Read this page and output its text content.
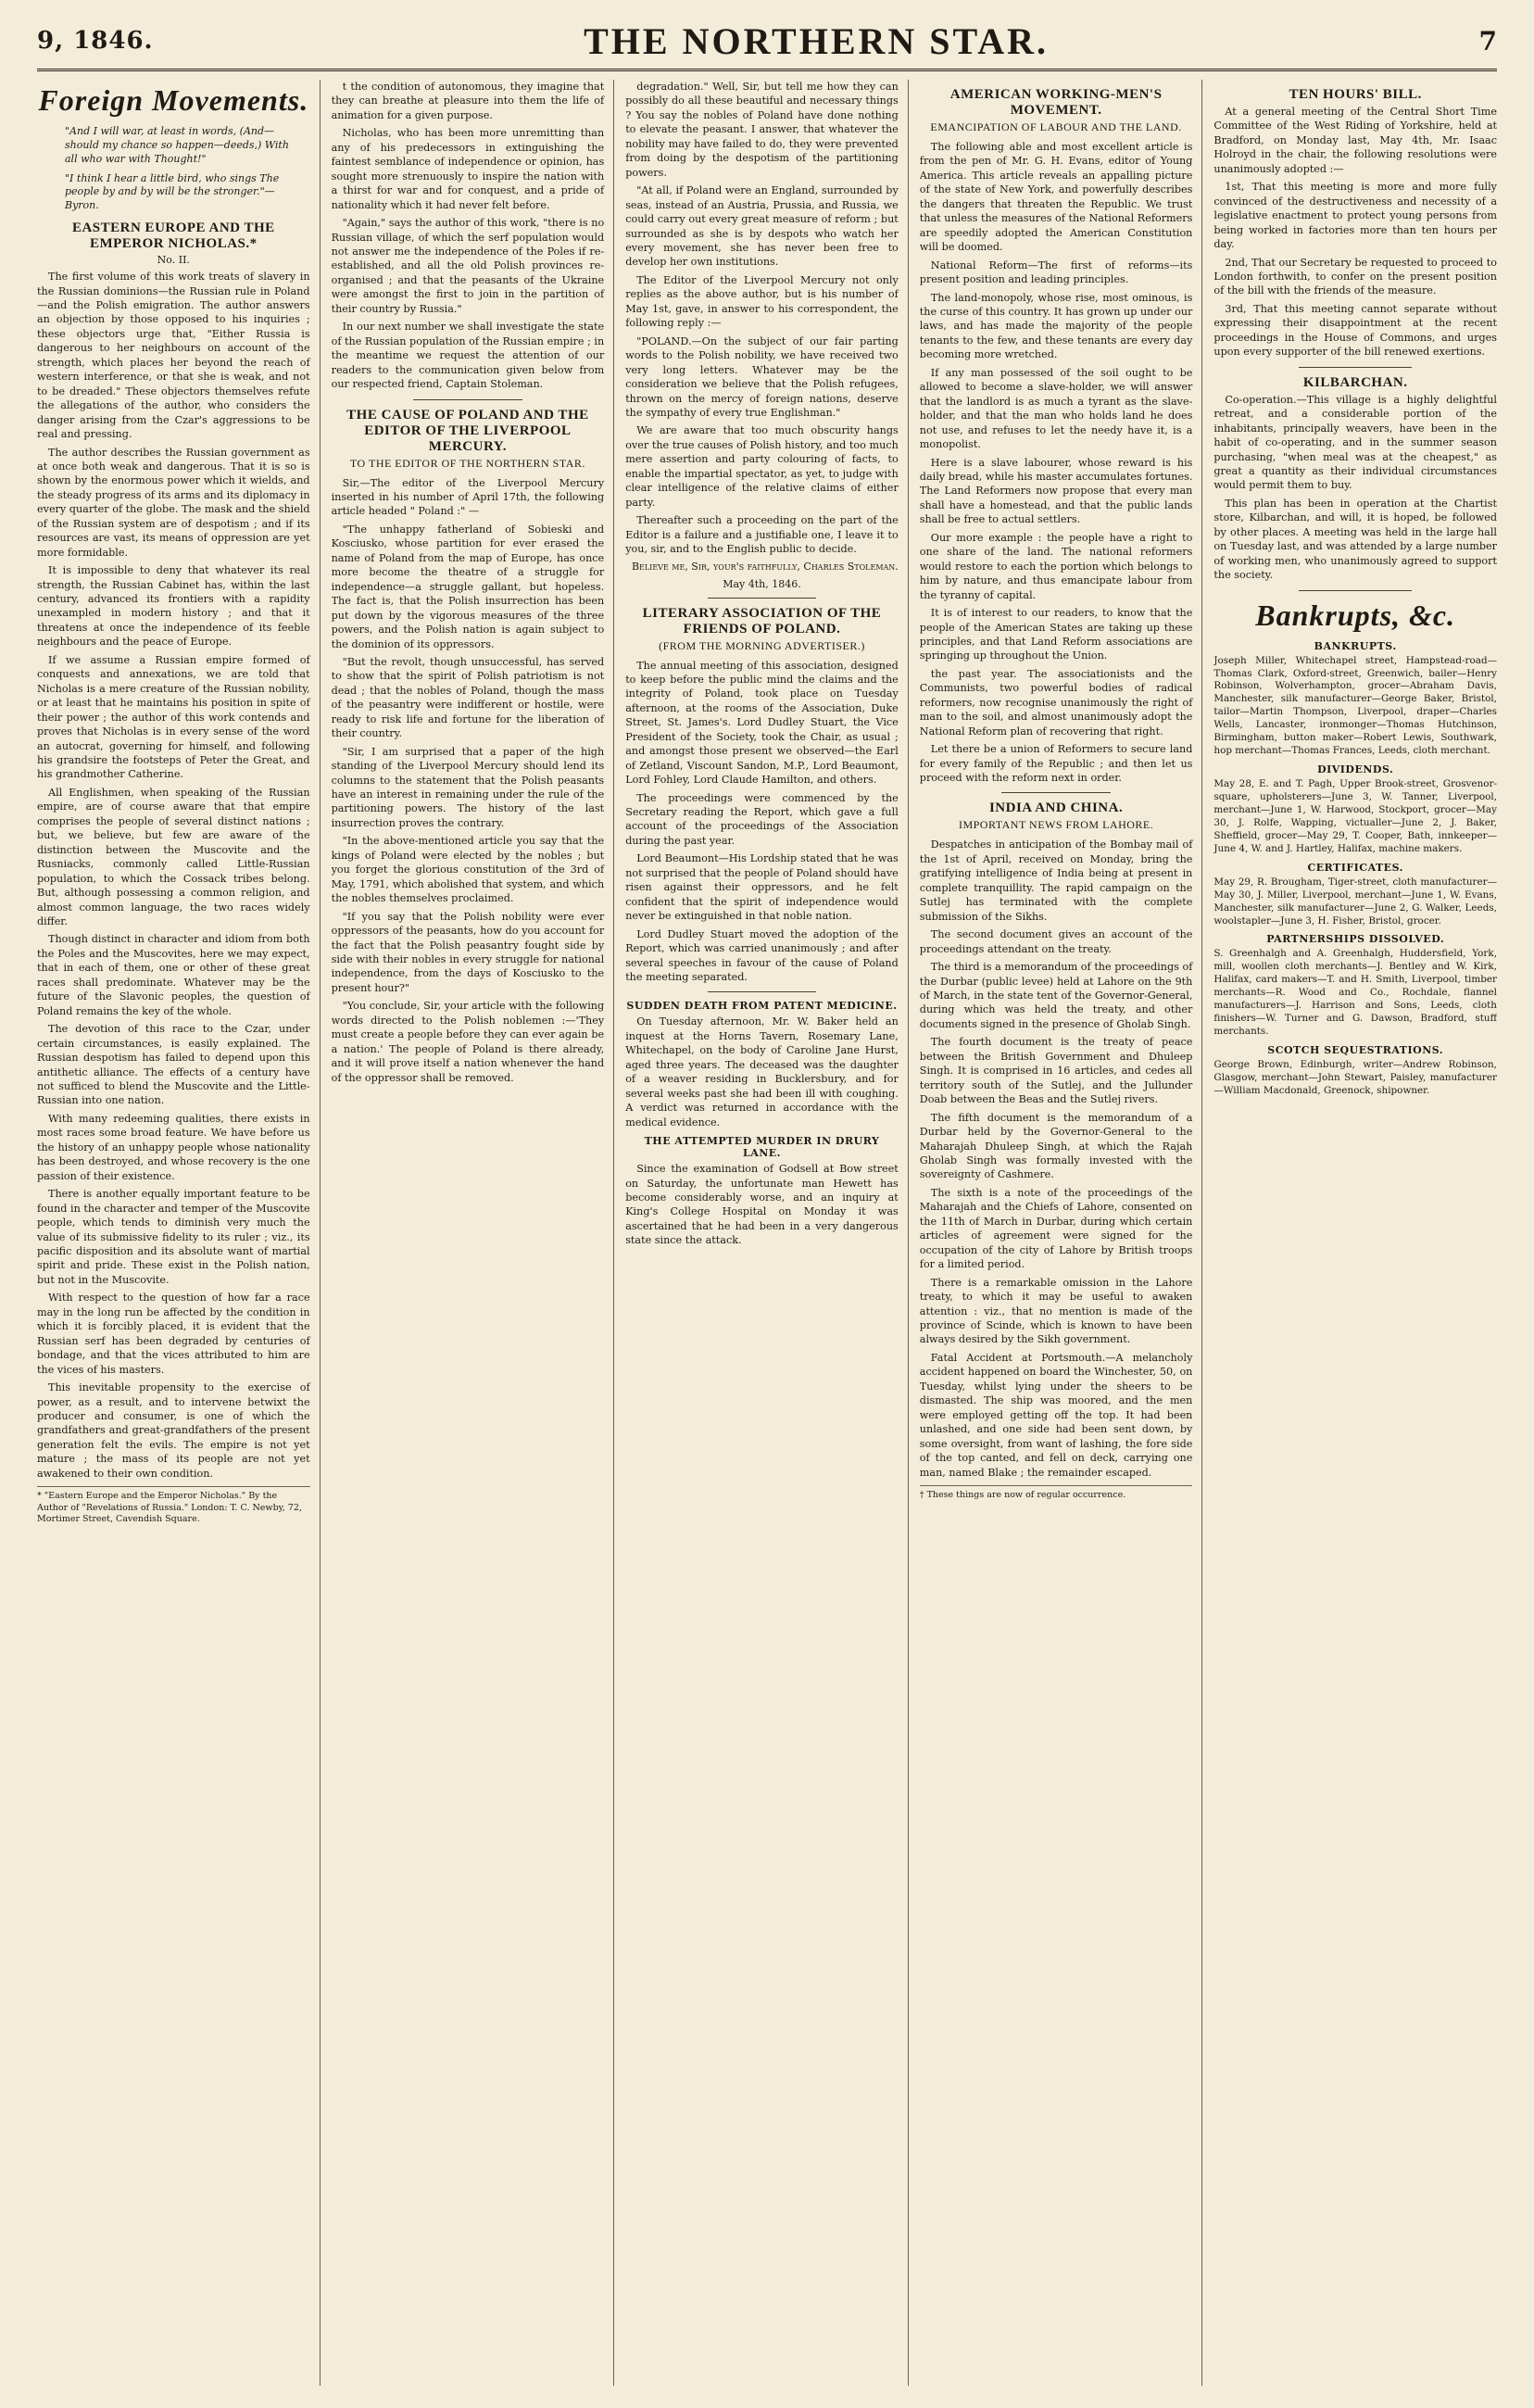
9, 1846.	THE NORTHERN STAR.	7
Foreign Movements.
"And I will war, at least in words, (And—should my chance so happen—deeds,) With all who war with Thought!"
"I think I hear a little bird, who sings The people by and by will be the stronger."—Byron.
EASTERN EUROPE AND THE EMPEROR NICHOLAS.*
No. II.

The first volume of this work treats of slavery in the Russian dominions—the Russian rule in Poland—and the Polish emigration. The author answers an objection by those opposed to his inquiries ; these objectors urge that, "Either Russia is dangerous to her neighbours on account of the strength, which places her beyond the reach of western interference, or that she is weak, and not to be dreaded." These objectors themselves refute the allegations of the author, who considers the danger arising from the Czar's aggressions to be real and pressing.

The author describes the Russian government as at once both weak and dangerous. That it is so is shown by the enormous power which it wields, and the steady progress of its arms and its diplomacy in every quarter of the globe. The mask and the shield of the Russian system are of despotism ; and if its resources are vast, its means of oppression are yet more formidable.

It is impossible to deny that whatever its real strength, the Russian Cabinet has, within the last century, advanced its frontiers with a rapidity unexampled in modern history ; and that it threatens at once the independence of its feeble neighbours and the peace of Europe.

If we assume a Russian empire formed of conquests and annexations, we are told that Nicholas is a mere creature of the Russian nobility, or at least that he maintains his position in spite of their power ; the author of this work contends and proves that Nicholas is in every sense of the word an autocrat, governing for himself, and following his grandsire the footsteps of Peter the Great, and his grandmother Catherine.

All Englishmen, when speaking of the Russian empire, are of course aware that that empire comprises the people of several distinct nations ; but, we believe, but few are aware of the distinction between the Muscovite and the Rusniacks, commonly called Little-Russian population, to which the Cossack tribes belong. But, although possessing a common religion, and almost common language, the two races widely differ.

Though distinct in character and idiom from both the Poles and the Muscovites, here we may expect, that in each of them, one or other of these great races shall predominate. Whatever may be the future of the Slavonic peoples, the question of Poland remains the key of the whole.

The devotion of this race to the Czar, under certain circumstances, is easily explained. The Russian despotism has failed to depend upon this antithetic alliance. The effects of a century have not sufficed to blend the Muscovite and the Little-Russian into one nation.

With many redeeming qualities, there exists in most races some broad feature. We have before us the history of an unhappy people whose nationality has been destroyed, and whose recovery is the one passion of their existence.

There is another equally important feature to be found in the character and temper of the Muscovite people, which tends to diminish very much the value of its submissive fidelity to its ruler ; viz., its pacific disposition and its absolute want of martial spirit and pride. These exist in the Polish nation, but not in the Muscovite.

With respect to the question of how far a race may in the long run be affected by the condition in which it is forcibly placed, it is evident that the Russian serf has been degraded by centuries of bondage, and that the vices attributed to him are the vices of his masters.

This inevitable propensity to the exercise of power, as a result, and to intervene betwixt the producer and consumer, is one of which the grandfathers and great-grandfathers of the present generation felt the evils. The empire is not yet mature ; the mass of its people are not yet awakened to their own condition.

* "Eastern Europe and the Emperor Nicholas." By the Author of "Revelations of Russia." London: T. C. Newby, 72, Mortimer Street, Cavendish Square.

t the condition of autonomous, they imagine that they can breathe at pleasure into them the life of animation for a given purpose.

Nicholas, who has been more unremitting than any of his predecessors in extinguishing the faintest semblance of independence or opinion, has sought more strenuously to inspire the nation with a thirst for war and for conquest, and a pride of nationality which it had never felt before.

"Again," says the author of this work, "there is no Russian village, of which the serf population would not answer me the independence of the Poles if re-established, and all the old Polish provinces re-organised ; and that the peasants of the Ukraine were amongst the first to join in the partition of their country by Russia."

In our next number we shall investigate the state of the Russian population of the Russian empire ; in the meantime we request the attention of our readers to the communication given below from our respected friend, Captain Stoleman.

THE CAUSE OF POLAND AND THE EDITOR OF THE LIVERPOOL MERCURY.
TO THE EDITOR OF THE NORTHERN STAR.

Sir,—The editor of the Liverpool Mercury inserted in his number of April 17th, the following article headed " Poland :" —

"The unhappy fatherland of Sobieski and Kosciusko, whose partition for ever erased the name of Poland from the map of Europe, has once more become the theatre of a struggle for independence—a struggle gallant, but hopeless. The fact is, that the Polish insurrection has been put down by the vigorous measures of the three powers, and the Polish nation is again subject to the dominion of its oppressors.

"But the revolt, though unsuccessful, has served to show that the spirit of Polish patriotism is not dead ; that the nobles of Poland, though the mass of the peasantry were indifferent or hostile, were ready to risk life and fortune for the liberation of their country.

"Sir, I am surprised that a paper of the high standing of the Liverpool Mercury should lend its columns to the statement that the Polish peasants have an interest in remaining under the rule of the partitioning powers. The history of the last insurrection proves the contrary.

"In the above-mentioned article you say that the kings of Poland were elected by the nobles ; but you forget the glorious constitution of the 3rd of May, 1791, which abolished that system, and which the nobles themselves proclaimed.

"If you say that the Polish nobility were ever oppressors of the peasants, how do you account for the fact that the Polish peasantry fought side by side with their nobles in every struggle for national independence, from the days of Kosciusko to the present hour?"

"You conclude, Sir, your article with the following words directed to the Polish noblemen :—'They must create a people before they can ever again be a nation.' The people of Poland is there already, and it will prove itself a nation whenever the hand of the oppressor shall be removed.

degradation." Well, Sir, but tell me how they can possibly do all these beautiful and necessary things ? You say the nobles of Poland have done nothing to elevate the peasant. I answer, that whatever the nobility may have failed to do, they were prevented from doing by the despotism of the partitioning powers.

"At all, if Poland were an England, surrounded by seas, instead of an Austria, Prussia, and Russia, we could carry out every great measure of reform ; but surrounded as she is by despots who watch her every movement, she has never been free to develop her own institutions.

The Editor of the Liverpool Mercury not only replies as the above author, but is his number of May 1st, gave, in answer to his correspondent, the following reply :—

"POLAND.—On the subject of our fair parting words to the Polish nobility, we have received two very long letters. Whatever may be the consideration we believe that the Polish refugees, thrown on the mercy of foreign nations, deserve the sympathy of every true Englishman."

We are aware that too much obscurity hangs over the true causes of Polish history, and too much mere assertion and party colouring of facts, to enable the impartial spectator, as yet, to judge with clear intelligence of the relative claims of either party.

Thereafter such a proceeding on the part of the Editor is a failure and a justifiable one, I leave it to you, sir, and to the English public to decide.

Believe me, Sir, your's faithfully, Charles Stoleman.
May 4th, 1846.
LITERARY ASSOCIATION OF THE FRIENDS OF POLAND.
(FROM THE MORNING ADVERTISER.)

The annual meeting of this association, designed to keep before the public mind the claims and the integrity of Poland, took place on Tuesday afternoon, at the rooms of the Association, Duke Street, St. James's. Lord Dudley Stuart, the Vice President of the Society, took the Chair, as usual ; and amongst those present we observed—the Earl of Zetland, Viscount Sandon, M.P., Lord Beaumont, Lord Fohley, Lord Claude Hamilton, and others.

The proceedings were commenced by the Secretary reading the Report, which gave a full account of the proceedings of the Association during the past year.

Lord Beaumont—His Lordship stated that he was not surprised that the people of Poland should have risen against their oppressors, and he felt confident that the spirit of independence would never be extinguished in that noble nation.

Lord Dudley Stuart moved the adoption of the Report, which was carried unanimously ; and after several speeches in favour of the cause of Poland the meeting separated.

SUDDEN DEATH FROM PATENT MEDICINE.

On Tuesday afternoon, Mr. W. Baker held an inquest at the Horns Tavern, Rosemary Lane, Whitechapel, on the body of Caroline Jane Hurst, aged three years. The deceased was the daughter of a weaver residing in Bucklersbury, and for several weeks past she had been ill with coughing. A verdict was returned in accordance with the medical evidence.

THE ATTEMPTED MURDER IN DRURY LANE.

Since the examination of Godsell at Bow street on Saturday, the unfortunate man Hewett has become considerably worse, and an inquiry at King's College Hospital on Monday it was ascertained that he had been in a very dangerous state since the attack.

AMERICAN WORKING-MEN'S MOVEMENT.
EMANCIPATION OF LABOUR AND THE LAND.

The following able and most excellent article is from the pen of Mr. G. H. Evans, editor of Young America. This article reveals an appalling picture of the state of New York, and powerfully describes the dangers that threaten the Republic. We trust that unless the measures of the National Reformers are speedily adopted the American Constitution will be doomed.

National Reform—The first of reforms—its present position and leading principles.

The land-monopoly, whose rise, most ominous, is the curse of this country. It has grown up under our laws, and has made the majority of the people tenants to the few, and these tenants are every day becoming more wretched.

If any man possessed of the soil ought to be allowed to become a slave-holder, we will answer that the landlord is as much a tyrant as the slave-holder, and that the man who holds land he does not use, and refuses to let the needy have it, is a monopolist.

Here is a slave labourer, whose reward is his daily bread, while his master accumulates fortunes. The Land Reformers now propose that every man shall have a homestead, and that the public lands shall be free to actual settlers.

Our more example : the people have a right to one share of the land. The national reformers would restore to each the portion which belongs to him by nature, and thus emancipate labour from the tyranny of capital.

It is of interest to our readers, to know that the people of the American States are taking up these principles, and that Land Reform associations are springing up throughout the Union.

the past year. The associationists and the Communists, two powerful bodies of radical reformers, now recognise unanimously the right of man to the soil, and almost unanimously adopt the National Reform plan of recovering that right.

Let there be a union of Reformers to secure land for every family of the Republic ; and then let us proceed with the reform next in order.

INDIA AND CHINA.
IMPORTANT NEWS FROM LAHORE.

Despatches in anticipation of the Bombay mail of the 1st of April, received on Monday, bring the gratifying intelligence of India being at present in complete tranquillity. The rapid campaign on the Sutlej has terminated with the complete submission of the Sikhs.

The second document gives an account of the proceedings attendant on the treaty.

The third is a memorandum of the proceedings of the Durbar (public levee) held at Lahore on the 9th of March, in the state tent of the Governor-General, during which was held the treaty, and other documents signed in the presence of Gholab Singh.

The fourth document is the treaty of peace between the British Government and Dhuleep Singh. It is comprised in 16 articles, and cedes all territory south of the Sutlej, and the Jullunder Doab between the Beas and the Sutlej rivers.

The fifth document is the memorandum of a Durbar held by the Governor-General to the Maharajah Dhuleep Singh, at which the Rajah Gholab Singh was formally invested with the sovereignty of Cashmere.

The sixth is a note of the proceedings of the Maharajah and the Chiefs of Lahore, consented on the 11th of March in Durbar, during which certain articles of agreement were signed for the occupation of the city of Lahore by British troops for a limited period.

There is a remarkable omission in the Lahore treaty, to which it may be useful to awaken attention : viz., that no mention is made of the province of Scinde, which is known to have been always desired by the Sikh government.

Fatal Accident at Portsmouth.—A melancholy accident happened on board the Winchester, 50, on Tuesday, whilst lying under the sheers to be dismasted. The ship was moored, and the men were employed getting off the top. It had been unlashed, and one side had been sent down, by some oversight, from want of lashing, the fore side of the top canted, and fell on deck, carrying one man, named Blake ; the remainder escaped.

† These things are now of regular occurrence.
TEN HOURS' BILL.

At a general meeting of the Central Short Time Committee of the West Riding of Yorkshire, held at Bradford, on Monday last, May 4th, Mr. Isaac Holroyd in the chair, the following resolutions were unanimously adopted :—

1st, That this meeting is more and more fully convinced of the destructiveness and necessity of a legislative enactment to protect young persons from being worked in factories more than ten hours per day.

2nd, That our Secretary be requested to proceed to London forthwith, to confer on the present position of the bill with the friends of the measure.

3rd, That this meeting cannot separate without expressing their disappointment at the recent proceedings in the House of Commons, and urges upon every supporter of the bill renewed exertions.

KILBARCHAN.

Co-operation.—This village is a highly delightful retreat, and a considerable portion of the inhabitants, principally weavers, have been in the habit of co-operating, and in the summer season purchasing, "when meal was at the cheapest," as great a quantity as their individual circumstances would permit them to buy.

This plan has been in operation at the Chartist store, Kilbarchan, and will, it is hoped, be followed by other places. A meeting was held in the large hall on Tuesday last, and was attended by a large number of working men, who unanimously agreed to support the society.

Bankrupts, &c.
BANKRUPTS.

Joseph Miller, Whitechapel street, Hampstead-road—Thomas Clark, Oxford-street, Greenwich, bailer—Henry Robinson, Wolverhampton, grocer—Abraham Davis, Manchester, silk manufacturer—George Baker, Bristol, tailor—Martin Thompson, Liverpool, draper—Charles Wells, Lancaster, ironmonger—Thomas Hutchinson, Birmingham, button maker—Robert Lewis, Southwark, hop merchant—Thomas Frances, Leeds, cloth merchant.

DIVIDENDS.

May 28, E. and T. Pagh, Upper Brook-street, Grosvenor-square, upholsterers—June 3, W. Tanner, Liverpool, merchant—June 1, W. Harwood, Stockport, grocer—May 30, J. Rolfe, Wapping, victualler—June 2, J. Baker, Sheffield, grocer—May 29, T. Cooper, Bath, innkeeper—June 4, W. and J. Hartley, Halifax, machine makers.

CERTIFICATES.

May 29, R. Brougham, Tiger-street, cloth manufacturer—May 30, J. Miller, Liverpool, merchant—June 1, W. Evans, Manchester, silk manufacturer—June 2, G. Walker, Leeds, woolstapler—June 3, H. Fisher, Bristol, grocer.

PARTNERSHIPS DISSOLVED.

S. Greenhalgh and A. Greenhalgh, Huddersfield, York, mill, woollen cloth merchants—J. Bentley and W. Kirk, Halifax, card makers—T. and H. Smith, Liverpool, timber merchants—R. Wood and Co., Rochdale, flannel manufacturers—J. Harrison and Sons, Leeds, cloth finishers—W. Turner and G. Dawson, Bradford, stuff merchants.

SCOTCH SEQUESTRATIONS.

George Brown, Edinburgh, writer—Andrew Robinson, Glasgow, merchant—John Stewart, Paisley, manufacturer—William Macdonald, Greenock, shipowner.
